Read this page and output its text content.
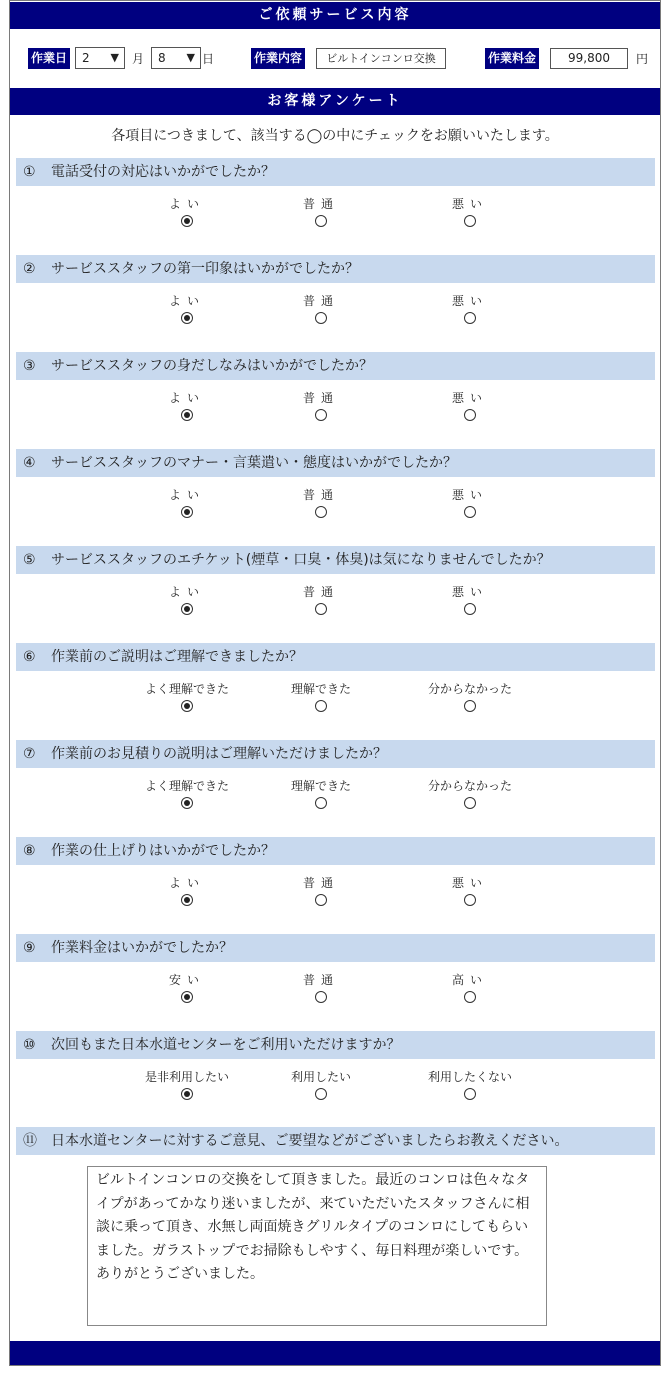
ご依頼サービス内容
作業日	2 ▼ 月	8 ▼ 日	作業内容	ビルトインコンロ交換	作業料金	99,800	円
お客様アンケート
各項目につきまして、該当する◯の中にチェックをお願いいたします。
① 電話受付の対応はいかがでしたか？
よい	普通	悪い
② サービススタッフの第一印象はいかがでしたか？
よい	普通	悪い
③ サービススタッフの身だしなみはいかがでしたか？
よい	普通	悪い
④ サービススタッフのマナー・言葉遣い・態度はいかがでしたか？
よい	普通	悪い
⑤ サービススタッフのエチケット(煙草・口臭・体臭)は気になりませんでしたか？
よい	普通	悪い
⑥ 作業前のご説明はご理解できましたか？
よく理解できた	理解できた	分からなかった
⑦ 作業前のお見積りの説明はご理解いただけましたか？
よく理解できた	理解できた	分からなかった
⑧ 作業の仕上げりはいかがでしたか？
よい	普通	悪い
⑨ 作業料金はいかがでしたか？
安い	普通	高い
⑩ 次回もまた日本水道センターをご利用いただけますか？
是非利用したい	利用したい	利用したくない
⑪ 日本水道センターに対するご意見、ご要望などがございましたらお教えください。
ビルトインコンロの交換をして頂きました。最近のコンロは色々なタイプがあってかなり迷いましたが、来ていただいたスタッフさんに相談に乗って頂き、水無し両面焼きグリルタイプのコンロにしてもらいました。ガラストップでお掃除もしやすく、毎日料理が楽しいです。ありがとうございました。
